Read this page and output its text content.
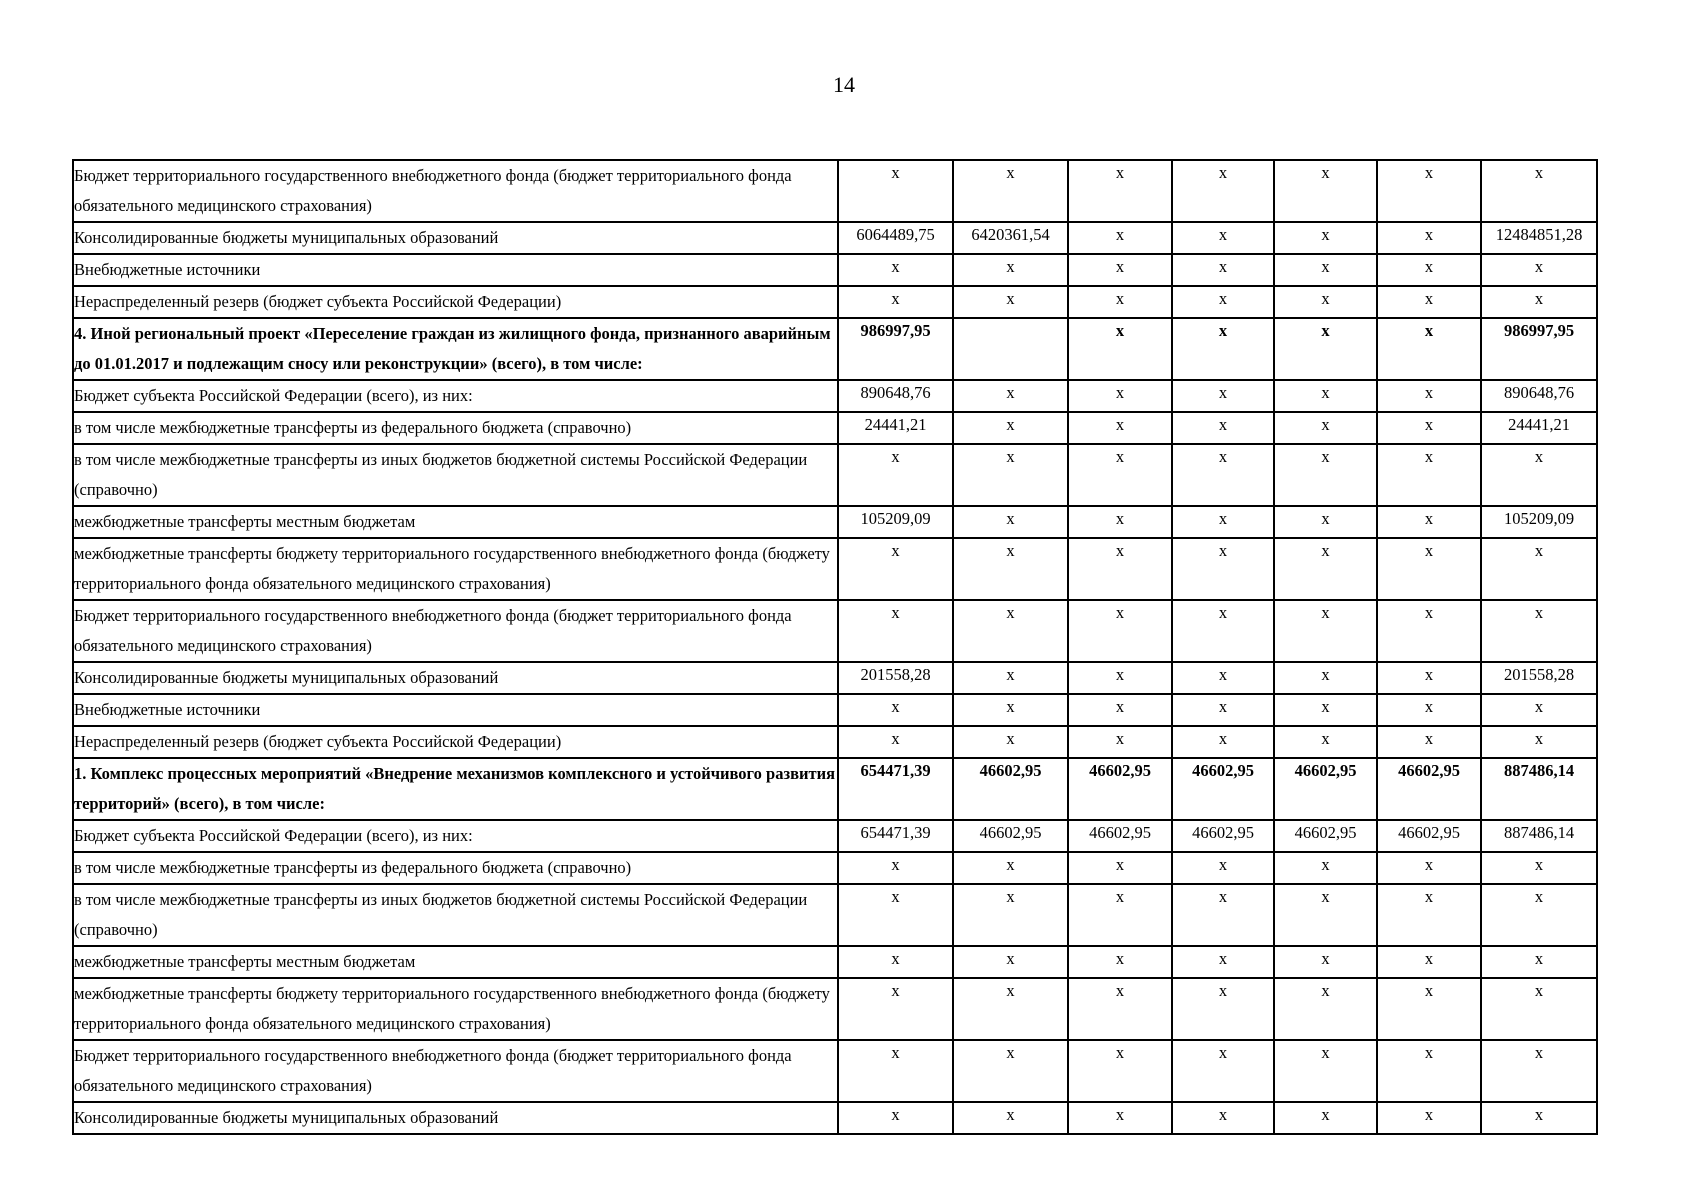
14
Бюджет территориального государственного внебюджетного фонда (бюджет территориального фонда обязательного медицинского страхования)	x	x	x	x	x	x	x
Консолидированные бюджеты муниципальных образований	6064489,75	6420361,54	x	x	x	x	12484851,28
Внебюджетные источники	x	x	x	x	x	x	x
Нераспределенный резерв (бюджет субъекта Российской Федерации)	x	x	x	x	x	x	x
4. Иной региональный проект «Переселение граждан из жилищного фонда, признанного аварийным до 01.01.2017 и подлежащим сносу или реконструкции» (всего), в том числе:	986997,95		x	x	x	x	986997,95
Бюджет субъекта Российской Федерации (всего), из них:	890648,76	x	x	x	x	x	890648,76
в том числе межбюджетные трансферты из федерального бюджета (справочно)	24441,21	x	x	x	x	x	24441,21
в том числе межбюджетные трансферты из иных бюджетов бюджетной системы Российской Федерации (справочно)	x	x	x	x	x	x	x
межбюджетные трансферты местным бюджетам	105209,09	x	x	x	x	x	105209,09
межбюджетные трансферты бюджету территориального государственного внебюджетного фонда (бюджету территориального фонда обязательного медицинского страхования)	x	x	x	x	x	x	x
Бюджет территориального государственного внебюджетного фонда (бюджет территориального фонда обязательного медицинского страхования)	x	x	x	x	x	x	x
Консолидированные бюджеты муниципальных образований	201558,28	x	x	x	x	x	201558,28
Внебюджетные источники	x	x	x	x	x	x	x
Нераспределенный резерв (бюджет субъекта Российской Федерации)	x	x	x	x	x	x	x
1. Комплекс процессных мероприятий «Внедрение механизмов комплексного и устойчивого развития территорий» (всего), в том числе:	654471,39	46602,95	46602,95	46602,95	46602,95	46602,95	887486,14
Бюджет субъекта Российской Федерации (всего), из них:	654471,39	46602,95	46602,95	46602,95	46602,95	46602,95	887486,14
в том числе межбюджетные трансферты из федерального бюджета (справочно)	x	x	x	x	x	x	x
в том числе межбюджетные трансферты из иных бюджетов бюджетной системы Российской Федерации (справочно)	x	x	x	x	x	x	x
межбюджетные трансферты местным бюджетам	x	x	x	x	x	x	x
межбюджетные трансферты бюджету территориального государственного внебюджетного фонда (бюджету территориального фонда обязательного медицинского страхования)	x	x	x	x	x	x	x
Бюджет территориального государственного внебюджетного фонда (бюджет территориального фонда обязательного медицинского страхования)	x	x	x	x	x	x	x
Консолидированные бюджеты муниципальных образований	x	x	x	x	x	x	x
